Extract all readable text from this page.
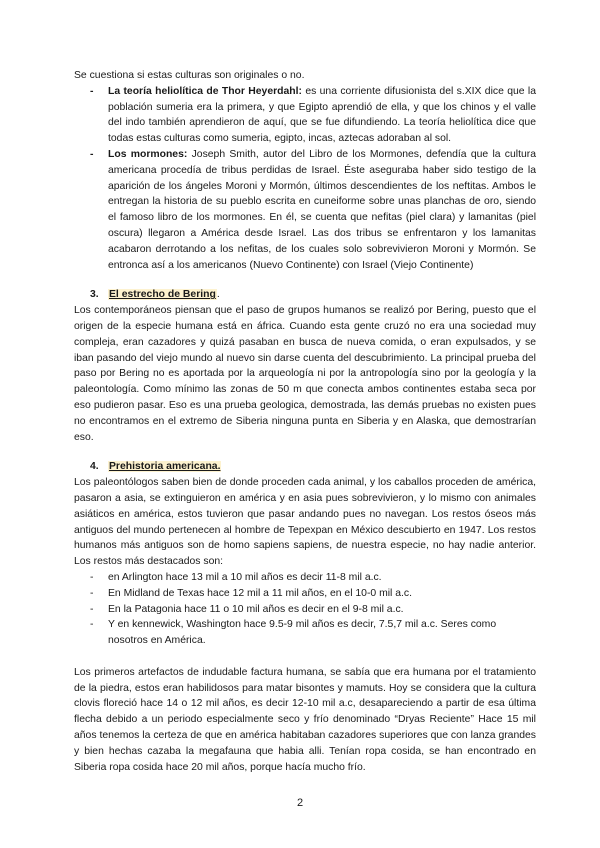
Se cuestiona si estas culturas son originales o no.

- La teoría heliolítica de Thor Heyerdahl: es una corriente difusionista del s.XIX dice que la población sumeria era la primera, y que Egipto aprendió de ella, y que los chinos y el valle del indo también aprendieron de aquí, que se fue difundiendo. La teoría heliolítica dice que todas estas culturas como sumeria, egipto, incas, aztecas adoraban al sol.
- Los mormones: Joseph Smith, autor del Libro de los Mormones, defendía que la cultura americana procedía de tribus perdidas de Israel. Éste aseguraba haber sido testigo de la aparición de los ángeles Moroni y Mormón, últimos descendientes de los neftitas. Ambos le entregan la historia de su pueblo escrita en cuneiforme sobre unas planchas de oro, siendo el famoso libro de los mormones. En él, se cuenta que nefitas (piel clara) y lamanitas (piel oscura) llegaron a América desde Israel. Las dos tribus se enfrentaron y los lamanitas acabaron derrotando a los nefitas, de los cuales solo sobrevivieron Moroni y Mormón. Se entronca así a los americanos (Nuevo Continente) con Israel (Viejo Continente)
3. El estrecho de Bering.

Los contemporáneos piensan que el paso de grupos humanos se realizó por Bering, puesto que el origen de la especie humana está en áfrica. Cuando esta gente cruzó no era una sociedad muy compleja, eran cazadores y quizá pasaban en busca de nueva comida, o eran expulsados, y se iban pasando del viejo mundo al nuevo sin darse cuenta del descubrimiento. La principal prueba del paso por Bering no es aportada por la arqueología ni por la antropología sino por la geología y la paleontología. Como mínimo las zonas de 50 m que conecta ambos continentes estaba seca por eso pudieron pasar. Eso es una prueba geologica, demostrada, las demás pruebas no existen pues no encontramos en el extremo de Siberia ninguna punta en Siberia y en Alaska, que demostrarían eso.

4. Prehistoria americana.

Los paleontólogos saben bien de donde proceden cada animal, y los caballos proceden de américa, pasaron a asia, se extinguieron en américa y en asia pues sobrevivieron, y lo mismo con animales asiáticos en américa, estos tuvieron que pasar andando pues no navegan. Los restos óseos más antiguos del mundo pertenecen al hombre de Tepexpan en México descubierto en 1947. Los restos humanos más antiguos son de homo sapiens sapiens, de nuestra especie, no hay nadie anterior. Los restos más destacados son:

- en Arlington hace 13 mil a 10 mil años es decir 11-8 mil a.c.
- En Midland de Texas hace 12 mil a 11 mil años, en el 10-0 mil a.c.
- En la Patagonia hace 11 o 10 mil años es decir en el 9-8 mil a.c.
- Y en kennewick, Washington hace 9.5-9 mil años es decir, 7.5,7 mil a.c. Seres como nosotros en América.

Los primeros artefactos de indudable factura humana, se sabía que era humana por el tratamiento de la piedra, estos eran habilidosos para matar bisontes y mamuts. Hoy se considera que la cultura clovis floreció hace 14 o 12 mil años, es decir 12-10 mil a.c, desapareciendo a partir de esa última flecha debido a un periodo especialmente seco y frío denominado “Dryas Reciente” Hace 15 mil años tenemos la certeza de que en américa habitaban cazadores superiores que con lanza grandes y bien hechas cazaba la megafauna que habia alli. Tenían ropa cosida, se han encontrado en Siberia ropa cosida hace 20 mil años, porque hacía mucho frío.

2
